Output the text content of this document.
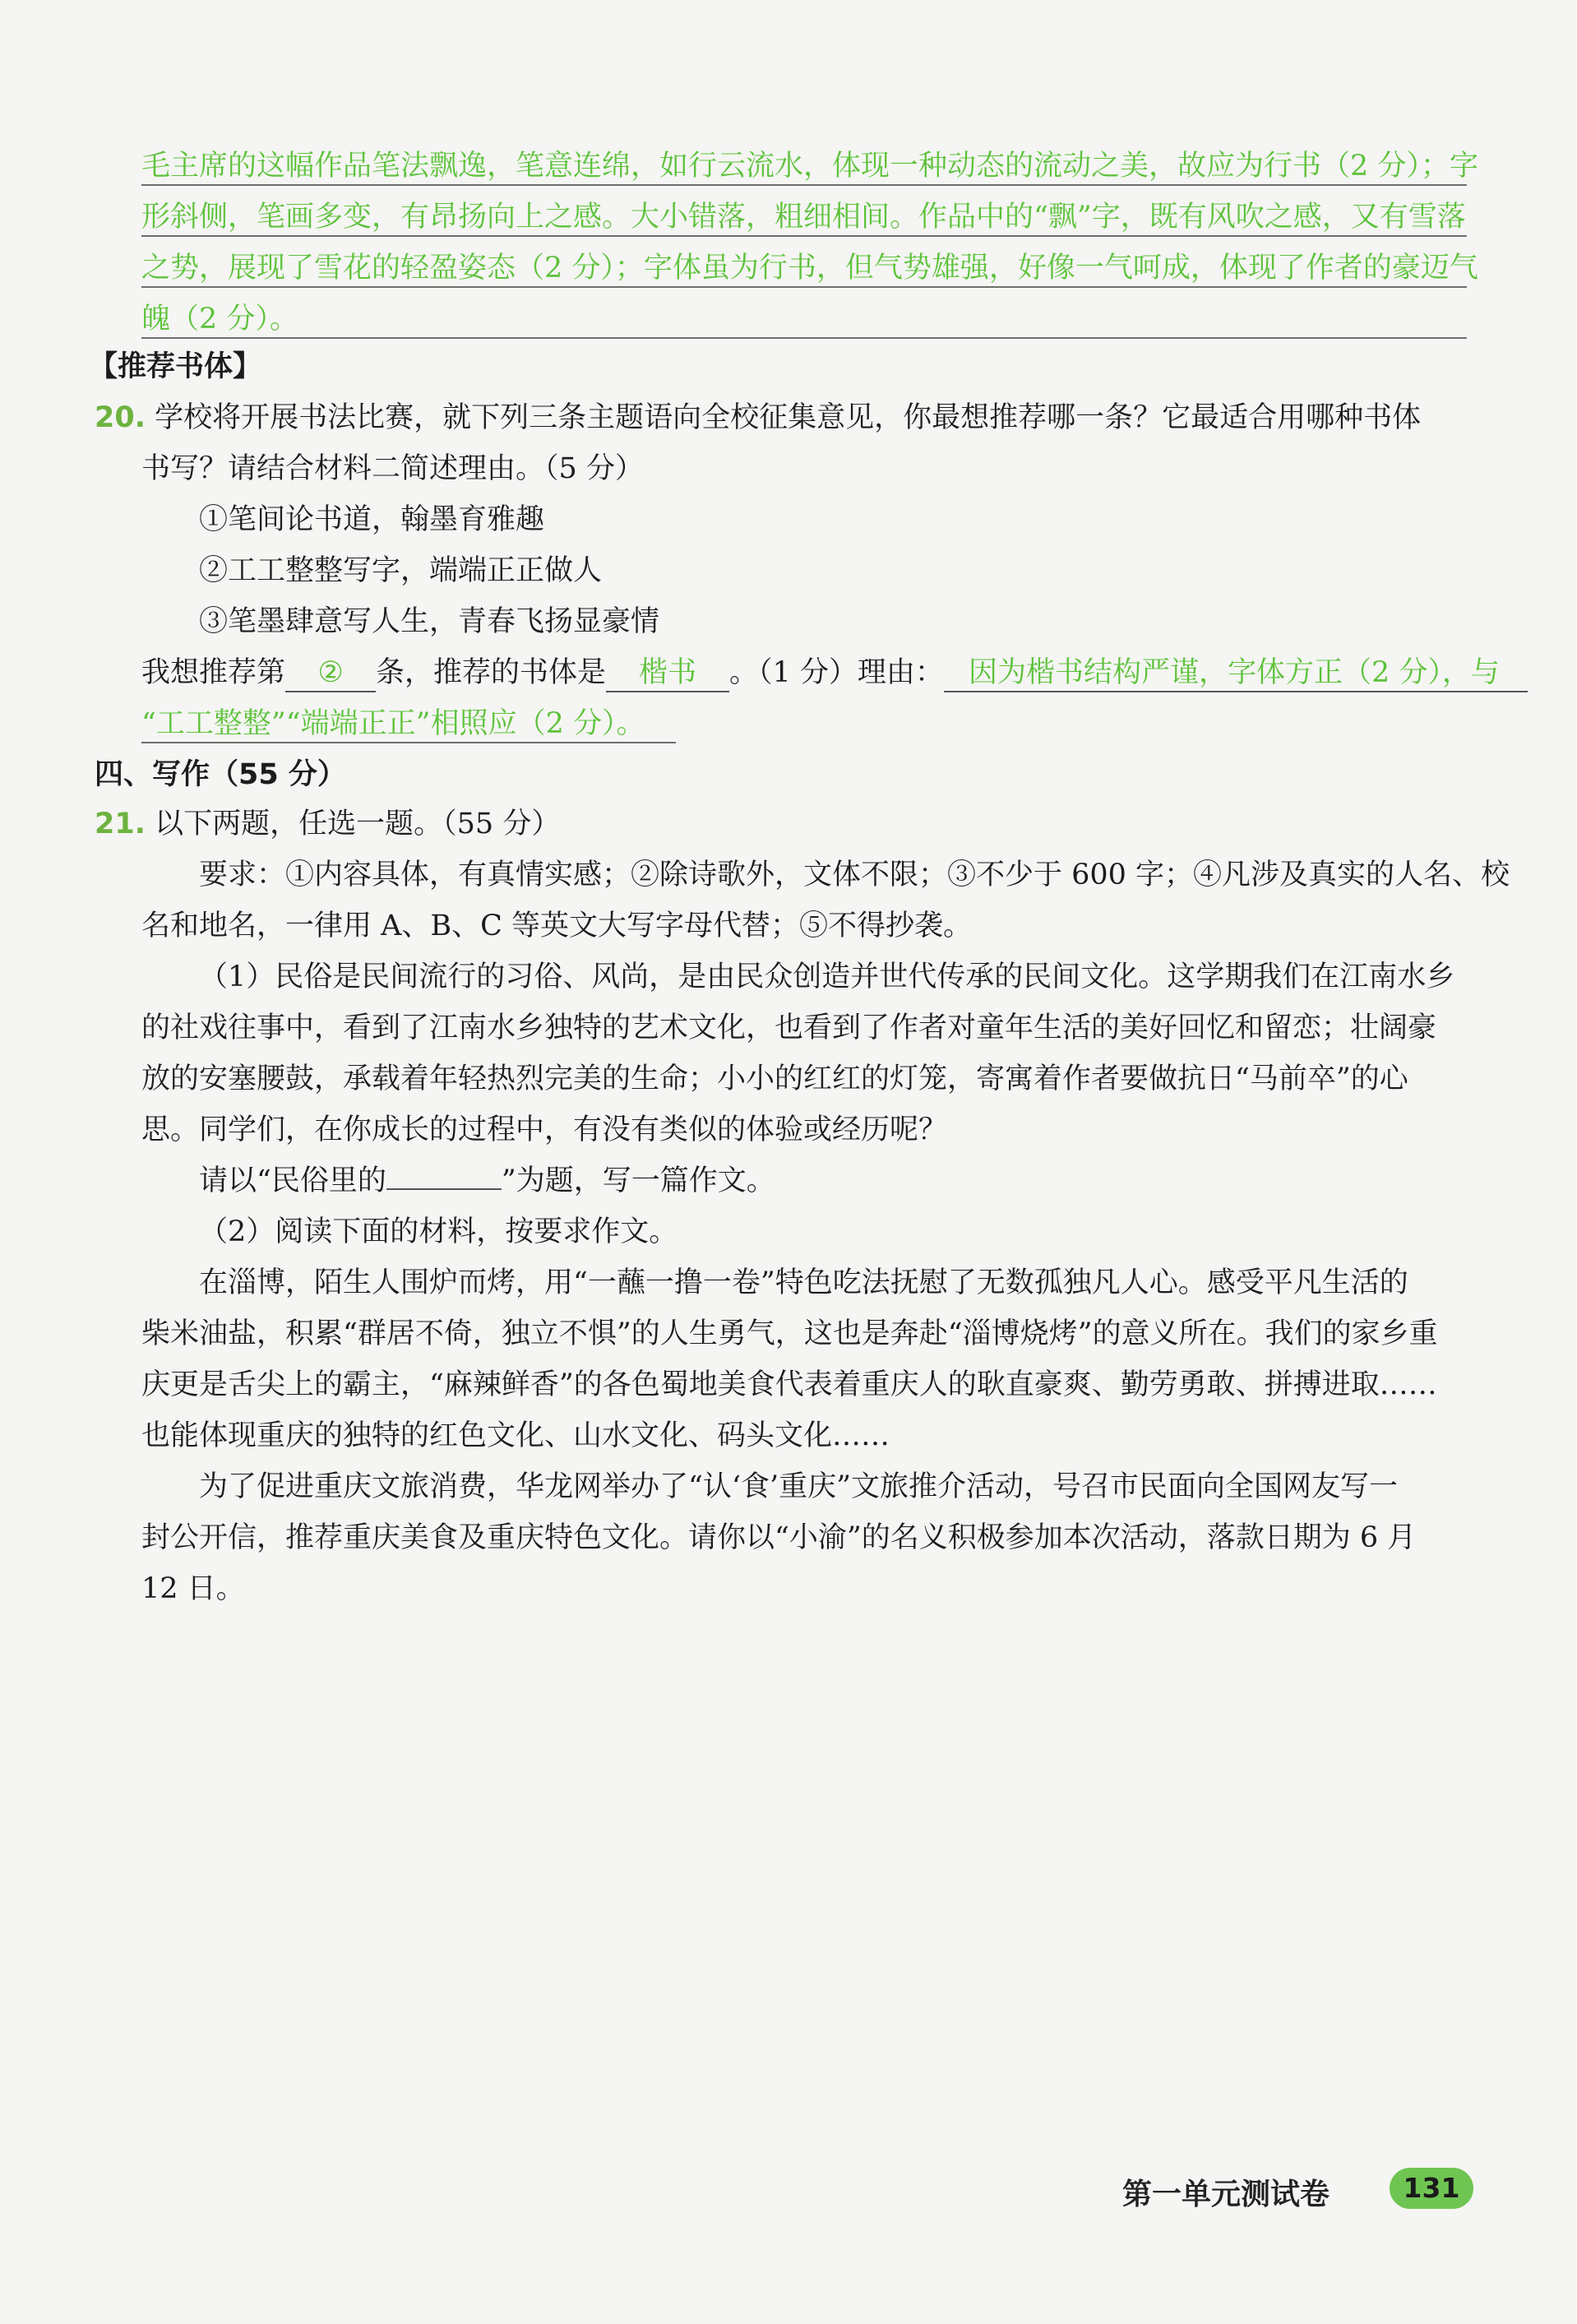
毛主席的这幅作品笔法飘逸，笔意连绵，如行云流水，体现一种动态的流动之美，故应为行书（2 分）；字
形斜侧，笔画多变，有昂扬向上之感。大小错落，粗细相间。作品中的“飘”字，既有风吹之感，又有雪落
之势，展现了雪花的轻盈姿态（2 分）；字体虽为行书，但气势雄强，好像一气呵成，体现了作者的豪迈气
魄（2 分）。
【推荐书体】
20. 学校将开展书法比赛，就下列三条主题语向全校征集意见，你最想推荐哪一条？它最适合用哪种书体
书写？请结合材料二简述理由。（5 分）
①笔间论书道，翰墨育雅趣
②工工整整写字，端端正正做人
③笔墨肆意写人生，青春飞扬显豪情
我想推荐第 ② 条，推荐的书体是 楷书 。（1 分）理由： 因为楷书结构严谨，字体方正（2 分），与
“工工整整”“端端正正”相照应（2 分）。
四、写作（55 分）
21. 以下两题，任选一题。（55 分）
要求：①内容具体，有真情实感；②除诗歌外，文体不限；③不少于 600 字；④凡涉及真实的人名、校
名和地名，一律用 A、B、C 等英文大写字母代替；⑤不得抄袭。
（1）民俗是民间流行的习俗、风尚，是由民众创造并世代传承的民间文化。这学期我们在江南水乡
的社戏往事中，看到了江南水乡独特的艺术文化，也看到了作者对童年生活的美好回忆和留恋；壮阔豪
放的安塞腰鼓，承载着年轻热烈完美的生命；小小的红红的灯笼，寄寓着作者要做抗日“马前卒”的心
思。同学们，在你成长的过程中，有没有类似的体验或经历呢？
请以“民俗里的	”为题，写一篇作文。
（2）阅读下面的材料，按要求作文。
在淄博，陌生人围炉而烤，用“一蘸一撸一卷”特色吃法抚慰了无数孤独凡人心。感受平凡生活的
柴米油盐，积累“群居不倚，独立不惧”的人生勇气，这也是奔赴“淄博烧烤”的意义所在。我们的家乡重
庆更是舌尖上的霸主，“麻辣鲜香”的各色蜀地美食代表着重庆人的耿直豪爽、勤劳勇敢、拼搏进取……
也能体现重庆的独特的红色文化、山水文化、码头文化……
为了促进重庆文旅消费，华龙网举办了“认‘食’重庆”文旅推介活动，号召市民面向全国网友写一
封公开信，推荐重庆美食及重庆特色文化。请你以“小渝”的名义积极参加本次活动，落款日期为 6 月
12 日。
第一单元测试卷	131
